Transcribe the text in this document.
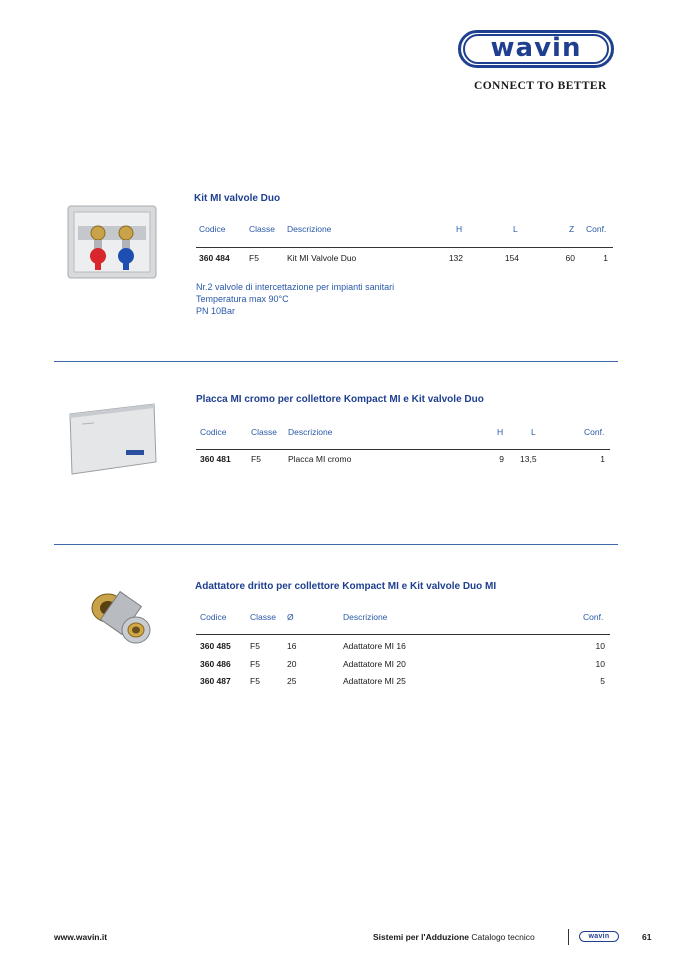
wavin
CONNECT TO BETTER
Kit MI valvole Duo
Codice	Classe Descrizione	H	L	Z Conf.
360 484 F5	Kit MI Valvole Duo	132	154	60	1
Nr.2 valvole di intercettazione per impianti sanitari
Temperatura max 90°C
PN 10Bar
Placca MI cromo per collettore Kompact MI e Kit valvole Duo
Codice	Classe Descrizione	H	L	Conf.
360 481 F5	Placca MI cromo	9 13,5	1
Adattatore dritto per collettore Kompact MI e Kit valvole Duo MI
Codice	Classe Ø	Descrizione	Conf.
360 485 F5	16	Adattatore MI 16	10
360 486 F5	20	Adattatore MI 20	10
360 487 F5	25	Adattatore MI 25	5
www.wavin.it	Sistemi per l'Adduzione Catalogo tecnico	wavin	61
